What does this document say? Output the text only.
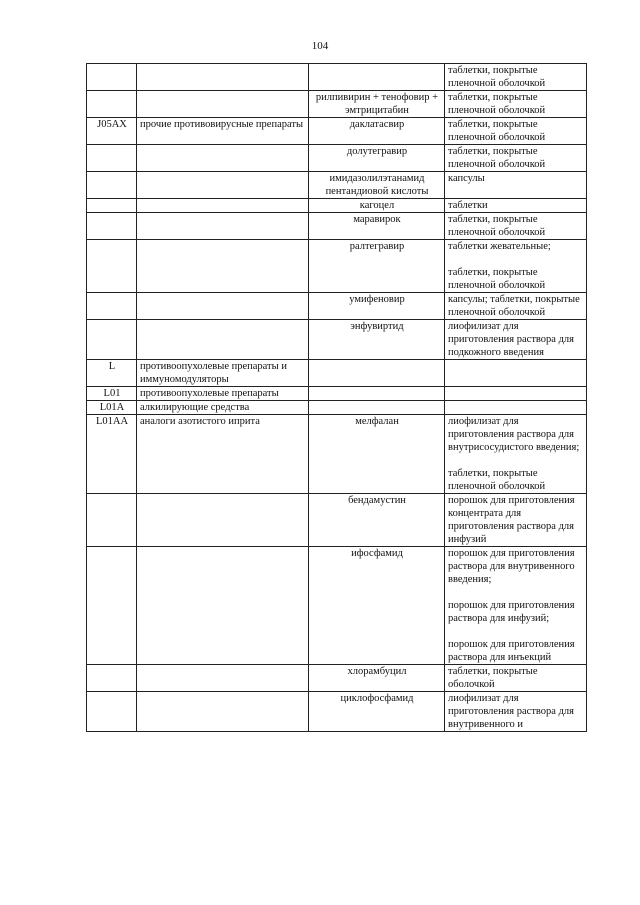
104

			таблетки, покрытые пленочной оболочкой

		рилпивирин + тенофовир + эмтрицитабин	таблетки, покрытые пленочной оболочкой

J05AX	прочие противовирусные препараты	даклатасвир	таблетки, покрытые пленочной оболочкой

		долутегравир	таблетки, покрытые пленочной оболочкой

		имидазолилэтанамид пентандиовой кислоты	капсулы

		кагоцел	таблетки

		маравирок	таблетки, покрытые пленочной оболочкой

		ралтегравир	таблетки жевательные;
таблетки, покрытые пленочной оболочкой

		умифеновир	капсулы; таблетки, покрытые пленочной оболочкой

		энфувиртид	лиофилизат для приготовления раствора для подкожного введения

L	противоопухолевые препараты и иммуномодуляторы		

L01	противоопухолевые препараты		

L01A	алкилирующие средства		

L01AA	аналоги азотистого иприта	мелфалан	лиофилизат для приготовления раствора для внутрисосудистого введения;
таблетки, покрытые пленочной оболочкой

		бендамустин	порошок для приготовления концентрата для приготовления раствора для инфузий

		ифосфамид	порошок для приготовления раствора для внутривенного введения;
порошок для приготовления раствора для инфузий;
порошок для приготовления раствора для инъекций

		хлорамбуцил	таблетки, покрытые оболочкой

		циклофосфамид	лиофилизат для приготовления раствора для внутривенного и
